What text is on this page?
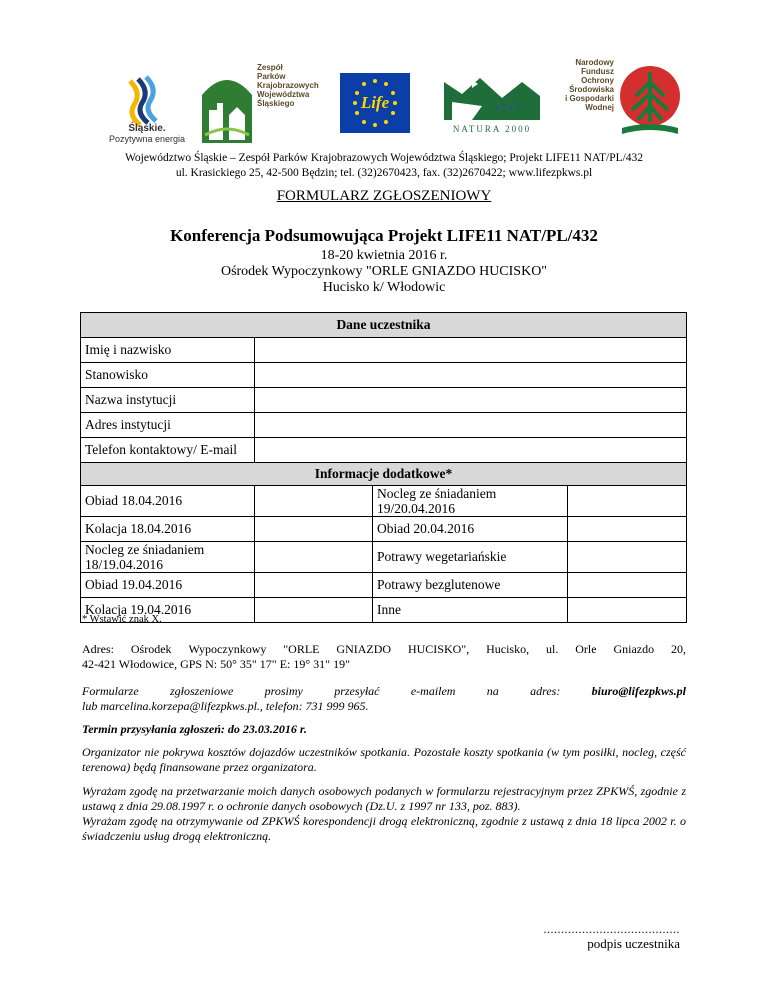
Śląskie.
Pozytywna energia
Zespół
Parków
Krajobrazowych
Województwa
Śląskiego	Life
NATURA 2000
Narodowy
Fundusz
Ochrony
Środowiska
i Gospodarki
Wodnej
Województwo Śląskie – Zespół Parków Krajobrazowych Województwa Śląskiego; Projekt LIFE11 NAT/PL/432
ul. Krasickiego 25, 42-500 Będzin; tel. (32)2670423, fax. (32)2670422; www.lifezpkws.pl
FORMULARZ ZGŁOSZENIOWY
Konferencja Podsumowująca Projekt LIFE11 NAT/PL/432
18-20 kwietnia 2016 r.
Ośrodek Wypoczynkowy "ORLE GNIAZDO HUCISKO"
Hucisko k/ Włodowic
Dane uczestnika			
Imię i nazwisko			
Stanowisko			
Nazwa instytucji			
Adres instytucji			
Telefon kontaktowy/ E-mail			
Informacje dodatkowe*			
Obiad 18.04.2016		Nocleg ze śniadaniem 19/20.04.2016	
Kolacja 18.04.2016		Obiad 20.04.2016	
Nocleg ze śniadaniem 18/19.04.2016		Potrawy wegetariańskie	
Obiad 19.04.2016		Potrawy bezglutenowe	
Kolacja 19.04.2016		Inne	
* Wstawić znak X.
Adres: Ośrodek Wypoczynkowy "ORLE GNIAZDO HUCISKO", Hucisko, ul. Orle Gniazdo 20,
42-421 Włodowice, GPS N: 50° 35" 17" E: 19° 31" 19"
Formularze	zgłoszeniowe	prosimy	przesyłać	e-mailem	na	adres:	biuro@lifezpkws.pl
lub marcelina.korzepa@lifezpkws.pl., telefon: 731 999 965.
Termin przysyłania zgłoszeń: do 23.03.2016 r.
Organizator nie pokrywa kosztów dojazdów uczestników spotkania. Pozostałe koszty spotkania (w tym posiłki, nocleg, część terenowa) będą finansowane przez organizatora.
Wyrażam zgodę na przetwarzanie moich danych osobowych podanych w formularzu rejestracyjnym przez ZPKWŚ, zgodnie z ustawą z dnia 29.08.1997 r. o ochronie danych osobowych (Dz.U. z 1997 nr 133, poz. 883).
Wyrażam zgodę na otrzymywanie od ZPKWŚ korespondencji drogą elektroniczną, zgodnie z ustawą z dnia 18 lipca 2002 r. o świadczeniu usług drogą elektroniczną.
.......................................
podpis uczestnika
